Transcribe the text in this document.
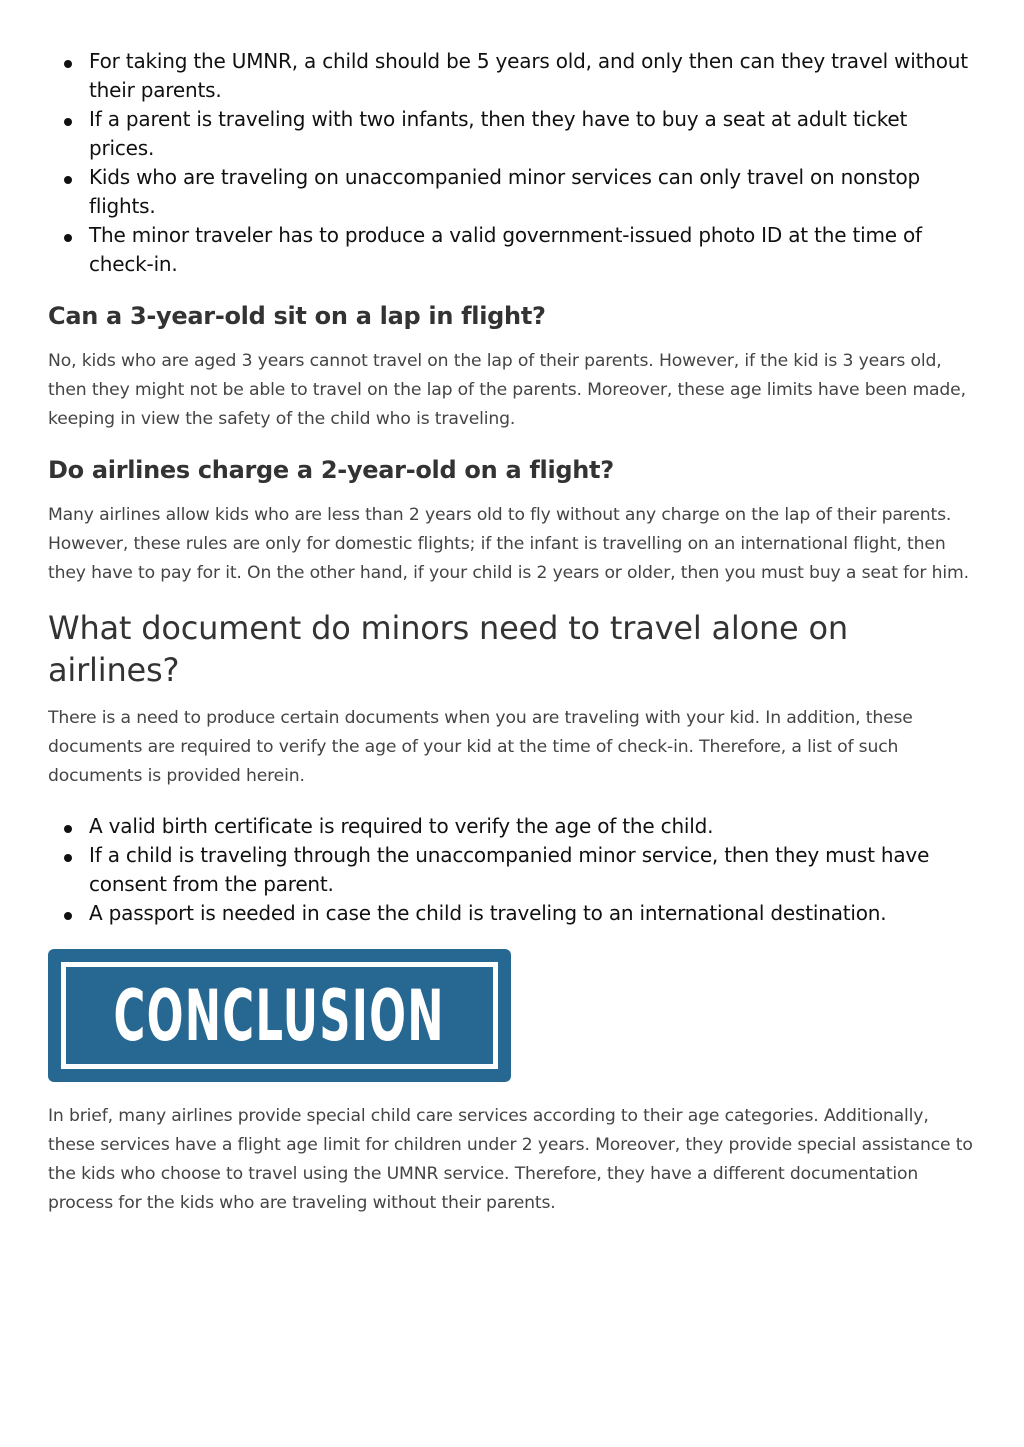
For taking the UMNR, a child should be 5 years old, and only then can they travel without their parents.
If a parent is traveling with two infants, then they have to buy a seat at adult ticket prices.
Kids who are traveling on unaccompanied minor services can only travel on nonstop flights.
The minor traveler has to produce a valid government-issued photo ID at the time of check-in.
Can a 3-year-old sit on a lap in flight?

No, kids who are aged 3 years cannot travel on the lap of their parents. However, if the kid is 3 years old, then they might not be able to travel on the lap of the parents. Moreover, these age limits have been made, keeping in view the safety of the child who is traveling.

Do airlines charge a 2-year-old on a flight?

Many airlines allow kids who are less than 2 years old to fly without any charge on the lap of their parents. However, these rules are only for domestic flights; if the infant is travelling on an international flight, then they have to pay for it. On the other hand, if your child is 2 years or older, then you must buy a seat for him.

What document do minors need to travel alone on airlines?

There is a need to produce certain documents when you are traveling with your kid. In addition, these documents are required to verify the age of your kid at the time of check-in. Therefore, a list of such documents is provided herein.

A valid birth certificate is required to verify the age of the child.
If a child is traveling through the unaccompanied minor service, then they must have consent from the parent.
A passport is needed in case the child is traveling to an international destination.
CONCLUSION

In brief, many airlines provide special child care services according to their age categories. Additionally, these services have a flight age limit for children under 2 years. Moreover, they provide special assistance to the kids who choose to travel using the UMNR service. Therefore, they have a different documentation process for the kids who are traveling without their parents.
